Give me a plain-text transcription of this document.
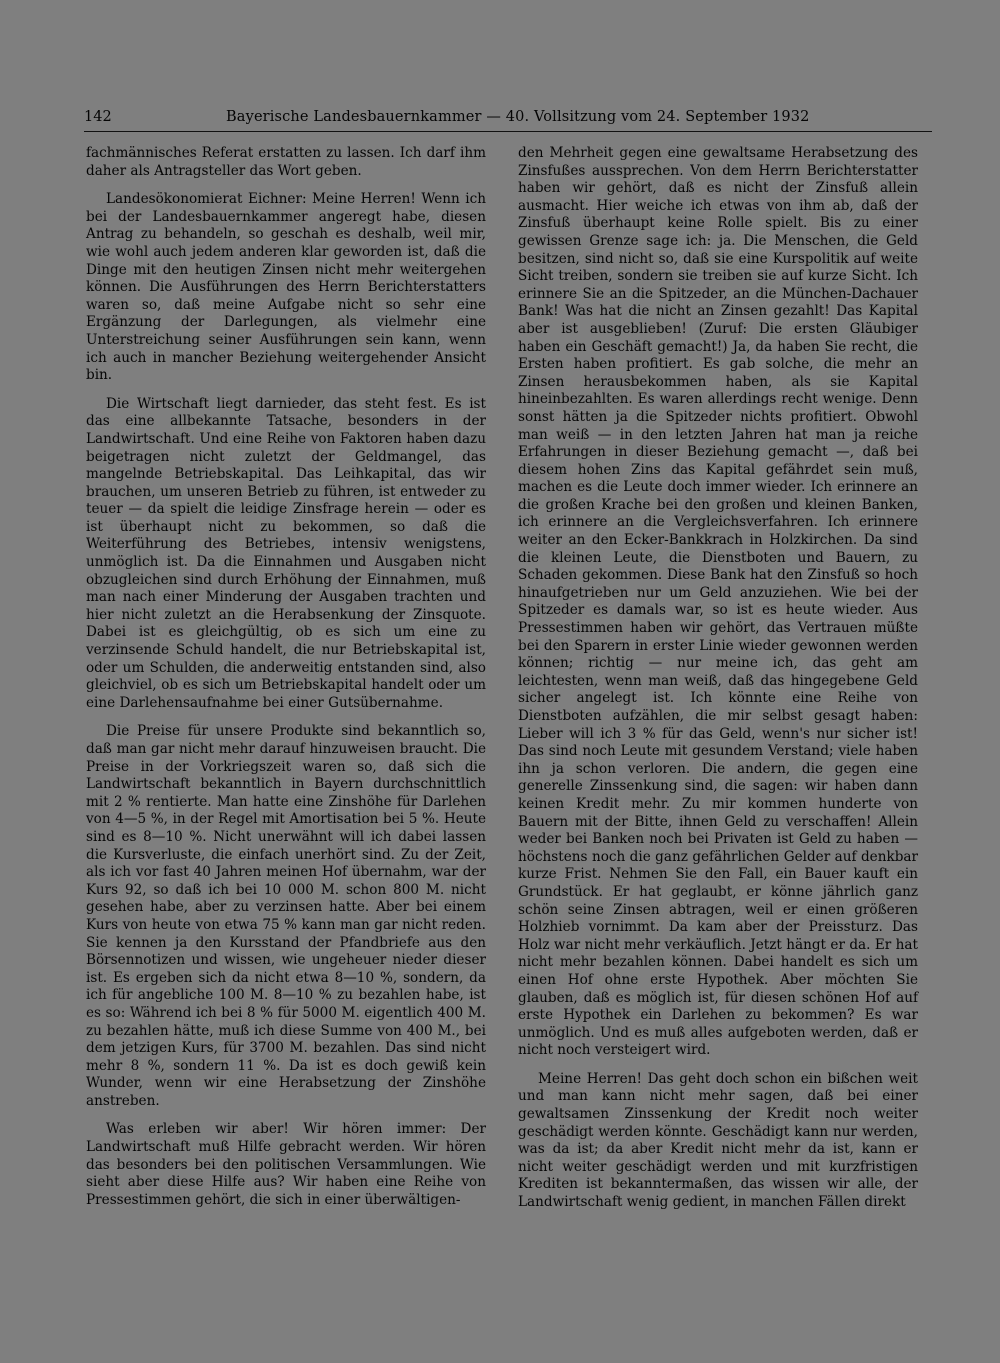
142	Bayerische Landesbauernkammer — 40. Vollsitzung vom 24. September 1932

fachmännisches Referat erstatten zu lassen. Ich darf ihm daher als Antragsteller das Wort geben.

Landesökonomierat Eichner: Meine Herren! Wenn ich bei der Landesbauernkammer angeregt habe, diesen Antrag zu behandeln, so geschah es deshalb, weil mir, wie wohl auch jedem anderen klar geworden ist, daß die Dinge mit den heutigen Zinsen nicht mehr weitergehen können. Die Ausführungen des Herrn Berichterstatters waren so, daß meine Aufgabe nicht so sehr eine Ergänzung der Darlegungen, als vielmehr eine Unterstreichung seiner Ausführungen sein kann, wenn ich auch in mancher Beziehung weitergehender Ansicht bin.

Die Wirtschaft liegt darnieder, das steht fest. Es ist das eine allbekannte Tatsache, besonders in der Landwirtschaft. Und eine Reihe von Faktoren haben dazu beigetragen nicht zuletzt der Geldmangel, das mangelnde Betriebskapital. Das Leihkapital, das wir brauchen, um unseren Betrieb zu führen, ist entweder zu teuer — da spielt die leidige Zinsfrage herein — oder es ist überhaupt nicht zu bekommen, so daß die Weiterführung des Betriebes, intensiv wenigstens, unmöglich ist. Da die Einnahmen und Ausgaben nicht obzugleichen sind durch Erhöhung der Einnahmen, muß man nach einer Minderung der Ausgaben trachten und hier nicht zuletzt an die Herabsenkung der Zinsquote. Dabei ist es gleichgültig, ob es sich um eine zu verzinsende Schuld handelt, die nur Betriebskapital ist, oder um Schulden, die anderweitig entstanden sind, also gleichviel, ob es sich um Betriebskapital handelt oder um eine Darlehensaufnahme bei einer Gutsübernahme.

Die Preise für unsere Produkte sind bekanntlich so, daß man gar nicht mehr darauf hinzuweisen braucht. Die Preise in der Vorkriegszeit waren so, daß sich die Landwirtschaft bekanntlich in Bayern durchschnittlich mit 2 % rentierte. Man hatte eine Zinshöhe für Darlehen von 4—5 %, in der Regel mit Amortisation bei 5 %. Heute sind es 8—10 %. Nicht unerwähnt will ich dabei lassen die Kursverluste, die einfach unerhört sind. Zu der Zeit, als ich vor fast 40 Jahren meinen Hof übernahm, war der Kurs 92, so daß ich bei 10 000 M. schon 800 M. nicht gesehen habe, aber zu verzinsen hatte. Aber bei einem Kurs von heute von etwa 75 % kann man gar nicht reden. Sie kennen ja den Kursstand der Pfandbriefe aus den Börsennotizen und wissen, wie ungeheuer nieder dieser ist. Es ergeben sich da nicht etwa 8—10 %, sondern, da ich für angebliche 100 M. 8—10 % zu bezahlen habe, ist es so: Während ich bei 8 % für 5000 M. eigentlich 400 M. zu bezahlen hätte, muß ich diese Summe von 400 M., bei dem jetzigen Kurs, für 3700 M. bezahlen. Das sind nicht mehr 8 %, sondern 11 %. Da ist es doch gewiß kein Wunder, wenn wir eine Herabsetzung der Zinshöhe anstreben.

Was erleben wir aber! Wir hören immer: Der Landwirtschaft muß Hilfe gebracht werden. Wir hören das besonders bei den politischen Versammlungen. Wie sieht aber diese Hilfe aus? Wir haben eine Reihe von Pressestimmen gehört, die sich in einer überwältigen-

den Mehrheit gegen eine gewaltsame Herabsetzung des Zinsfußes aussprechen. Von dem Herrn Berichterstatter haben wir gehört, daß es nicht der Zinsfuß allein ausmacht. Hier weiche ich etwas von ihm ab, daß der Zinsfuß überhaupt keine Rolle spielt. Bis zu einer gewissen Grenze sage ich: ja. Die Menschen, die Geld besitzen, sind nicht so, daß sie eine Kurspolitik auf weite Sicht treiben, sondern sie treiben sie auf kurze Sicht. Ich erinnere Sie an die Spitzeder, an die München-Dachauer Bank! Was hat die nicht an Zinsen gezahlt! Das Kapital aber ist ausgeblieben! (Zuruf: Die ersten Gläubiger haben ein Geschäft gemacht!) Ja, da haben Sie recht, die Ersten haben profitiert. Es gab solche, die mehr an Zinsen herausbekommen haben, als sie Kapital hineinbezahlten. Es waren allerdings recht wenige. Denn sonst hätten ja die Spitzeder nichts profitiert. Obwohl man weiß — in den letzten Jahren hat man ja reiche Erfahrungen in dieser Beziehung gemacht —, daß bei diesem hohen Zins das Kapital gefährdet sein muß, machen es die Leute doch immer wieder. Ich erinnere an die großen Krache bei den großen und kleinen Banken, ich erinnere an die Vergleichsverfahren. Ich erinnere weiter an den Ecker-Bankkrach in Holzkirchen. Da sind die kleinen Leute, die Dienstboten und Bauern, zu Schaden gekommen. Diese Bank hat den Zinsfuß so hoch hinaufgetrieben nur um Geld anzuziehen. Wie bei der Spitzeder es damals war, so ist es heute wieder. Aus Pressestimmen haben wir gehört, das Vertrauen müßte bei den Sparern in erster Linie wieder gewonnen werden können; richtig — nur meine ich, das geht am leichtesten, wenn man weiß, daß das hingegebene Geld sicher angelegt ist. Ich könnte eine Reihe von Dienstboten aufzählen, die mir selbst gesagt haben: Lieber will ich 3 % für das Geld, wenn's nur sicher ist! Das sind noch Leute mit gesundem Verstand; viele haben ihn ja schon verloren. Die andern, die gegen eine generelle Zinssenkung sind, die sagen: wir haben dann keinen Kredit mehr. Zu mir kommen hunderte von Bauern mit der Bitte, ihnen Geld zu verschaffen! Allein weder bei Banken noch bei Privaten ist Geld zu haben — höchstens noch die ganz gefährlichen Gelder auf denkbar kurze Frist. Nehmen Sie den Fall, ein Bauer kauft ein Grundstück. Er hat geglaubt, er könne jährlich ganz schön seine Zinsen abtragen, weil er einen größeren Holzhieb vornimmt. Da kam aber der Preissturz. Das Holz war nicht mehr verkäuflich. Jetzt hängt er da. Er hat nicht mehr bezahlen können. Dabei handelt es sich um einen Hof ohne erste Hypothek. Aber möchten Sie glauben, daß es möglich ist, für diesen schönen Hof auf erste Hypothek ein Darlehen zu bekommen? Es war unmöglich. Und es muß alles aufgeboten werden, daß er nicht noch versteigert wird.

Meine Herren! Das geht doch schon ein bißchen weit und man kann nicht mehr sagen, daß bei einer gewaltsamen Zinssenkung der Kredit noch weiter geschädigt werden könnte. Geschädigt kann nur werden, was da ist; da aber Kredit nicht mehr da ist, kann er nicht weiter geschädigt werden und mit kurzfristigen Krediten ist bekanntermaßen, das wissen wir alle, der Landwirtschaft wenig gedient, in manchen Fällen direkt
